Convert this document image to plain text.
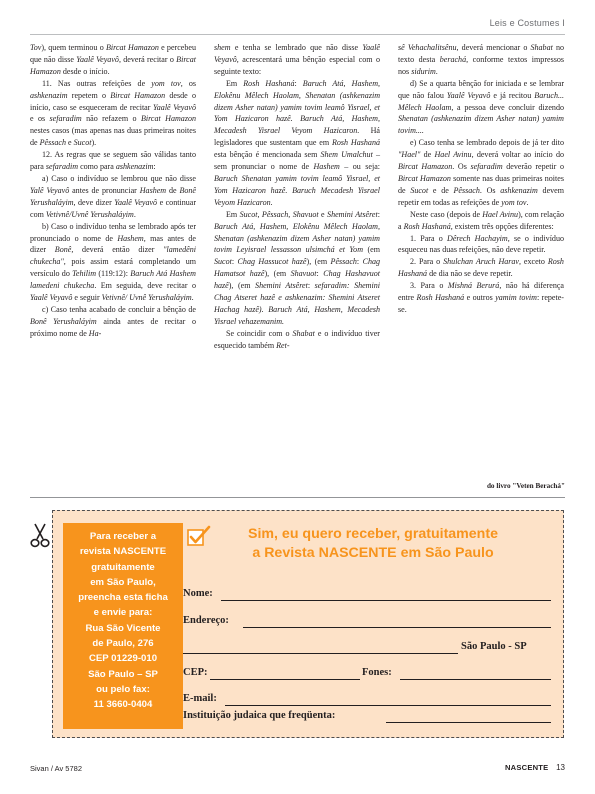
Leis e Costumes I

Tov), quem terminou o Bircat Hamazon e percebeu que não disse Yaalê Veyavô, deverá recitar o Bircat Hamazon desde o início.

11. Nas outras refeições de yom tov, os ashkenazim repetem o Bircat Hamazon desde o início, caso se esqueceram de recitar Yaalê Veyavô e os sefaradim não refazem o Bircat Hamazon nestes casos (mas apenas nas duas primeiras noites de Pêssach e Sucot).

12. As regras que se seguem são válidas tanto para sefaradim como para ashkenazim:

a) Caso o indivíduo se lembrou que não disse Yalê Veyavô antes de pronunciar Hashem de Bonê Yerushaláyim, deve dizer Yaalê Veyavô e continuar com Vetivnê/Uvnê Yerushaláyim.

b) Caso o indivíduo tenha se lembrado após ter pronunciado o nome de Hashem, mas antes de dizer Bonê, deverá então dizer "lamedêni chukecha", pois assim estará completando um versículo do Tehilim (119:12): Baruch Atá Hashem lamedeni chukecha. Em seguida, deve recitar o Yaalê Veyavô e seguir Vetivnê/ Uvnê Yerushaláyim.

c) Caso tenha acabado de concluir a bênção de Bonê Yerushaláyim ainda antes de recitar o próximo nome de Ha-

shem e tenha se lembrado que não disse Yaalê Veyavô, acrescentará uma bênção especial com o seguinte texto:

Em Rosh Hashaná: Baruch Atá, Hashem, Elokênu Mêlech Haolam, Shenatan (ashkenazim dizem Asher natan) yamim tovim leamô Yisrael, et Yom Hazicaron hazê. Baruch Atá, Hashem, Mecadesh Yisrael Veyom Hazicaron. Há legisladores que sustentam que em Rosh Hashaná esta bênção é mencionada sem Shem Umalchut – sem pronunciar o nome de Hashem – ou seja: Baruch Shenatan yamim tovim leamô Yisrael, et Yom Hazicaron hazê. Baruch Mecadesh Yisrael Veyom Hazicaron.

Em Sucot, Pêssach, Shavuot e Shemini Atsêret: Baruch Atá, Hashem, Elokênu Mêlech Haolam, Shenatan (ashkenazim dizem Asher natan) yamim tovim Leyisrael lessasson ulsimchá et Yom (em Sucot: Chag Hassucot hazê), (em Pêssach: Chag Hamatsot hazê), (em Shavuot: Chag Hashavuot hazê), (em Shemini Atsêret: sefaradim: Shemini Chag Atseret hazê e ashkenazim: Shemini Atseret Hachag hazê). Baruch Atá, Hashem, Mecadesh Yisrael vehazemanim.

Se coincidir com o Shabat e o indivíduo tiver esquecido também Ret-

sê Vehachalitsênu, deverá mencionar o Shabat no texto desta berachá, conforme textos impressos nos sidurim.

d) Se a quarta bênção for iniciada e se lembrar que não falou Yaalê Veyavô e já recitou Baruch... Mêlech Haolam, a pessoa deve concluir dizendo Shenatan (ashkenazim dizem Asher natan) yamim tovim....

e) Caso tenha se lembrado depois de já ter dito "Hael" de Hael Avinu, deverá voltar ao início do Bircat Hamazon. Os sefaradim deverão repetir o Bircat Hamazon somente nas duas primeiras noites de Sucot e de Pêssach. Os ashkenazim devem repetir em todas as refeições de yom tov.

Neste caso (depois de Hael Avinu), com relação a Rosh Hashaná, existem três opções diferentes:

1. Para o Dêrech Hachayim, se o indivíduo esqueceu nas duas refeições, não deve repetir.

2. Para o Shulchan Aruch Harav, exceto Rosh Hashaná de dia não se deve repetir.

3. Para o Mishná Berurá, não há diferença entre Rosh Hashaná e outros yamim tovim: repete-se.

do livro "Veten Berachá"
Para receber a
revista NASCENTE
gratuitamente
em São Paulo,
preencha esta ficha
e envie para:
Rua São Vicente
de Paulo, 276
CEP 01229-010
São Paulo – SP
ou pelo fax:
11 3660-0404
Sim, eu quero receber, gratuitamente
a Revista NASCENTE em São Paulo
Nome:
Endereço:
São Paulo - SP
CEP:	Fones:
E-mail:
Instituição judaica que freqüenta:
Sivan / Av 5782	NASCENTE 13
